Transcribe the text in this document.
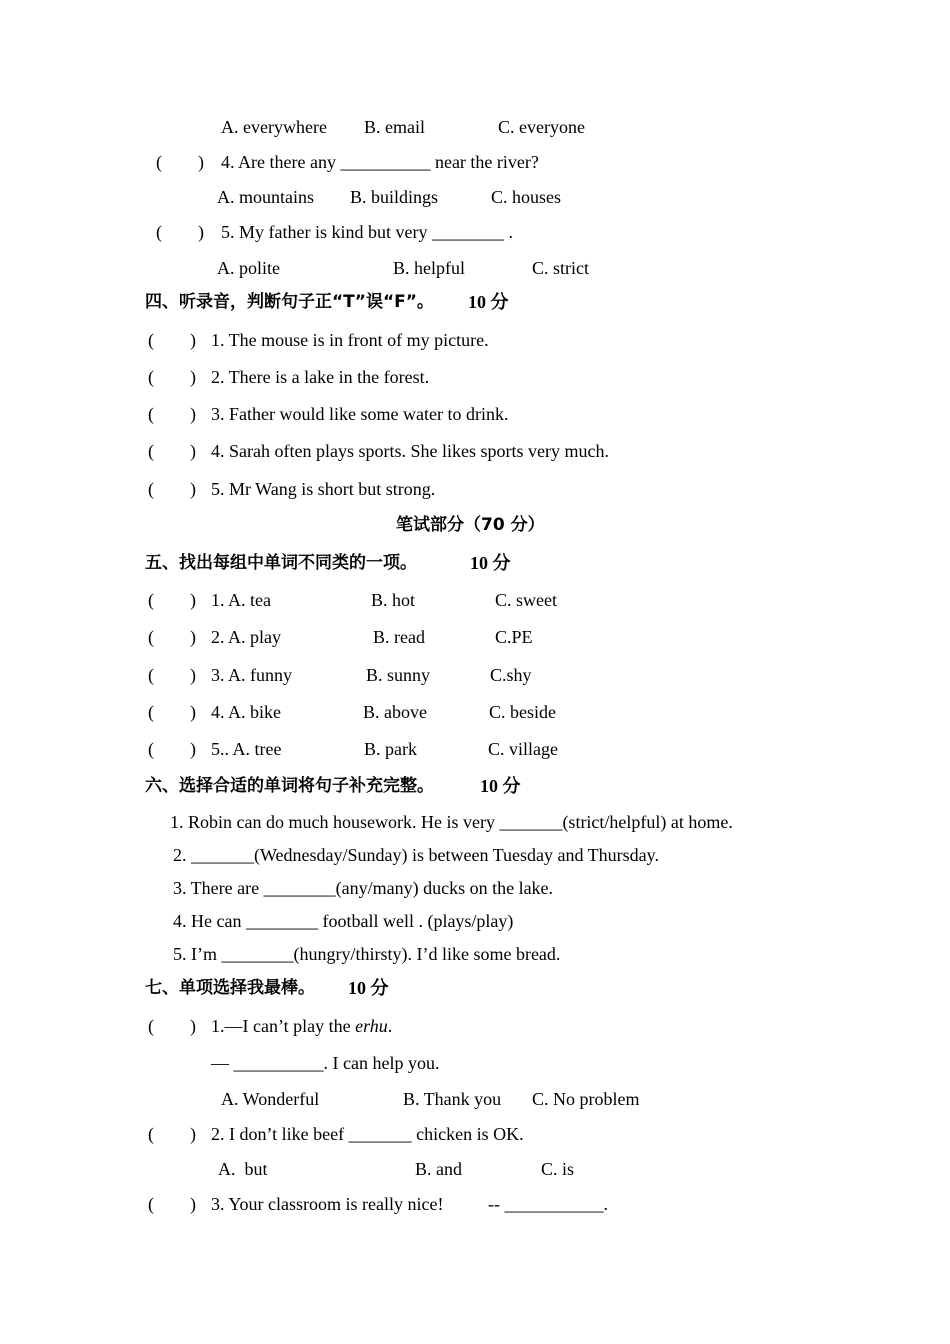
A. everywhere B. email	C. everyone
(　　) 4. Are there any __________ near the river?
A. mountains B. buildings	C. houses
(　　) 5. My father is kind but very ________ .
A. polite	B. helpful	C. strict
四、听录音，判断句子正“T”误“F”。 10 分
(　　) 1. The mouse is in front of my picture.
(　　) 2. There is a lake in the forest.
(　　) 3. Father would like some water to drink.
(　　) 4. Sarah often plays sports. She likes sports very much.
(　　) 5. Mr Wang is short but strong.
笔试部分（70 分）
五、找出每组中单词不同类的一项。	10 分
(　　) 1. A. tea	B. hot	C. sweet
(　　) 2. A. play	B. read	C.PE
(　　) 3. A. funny	B. sunny	C.shy
(　　) 4. A. bike	B. above	C. beside
(　　) 5.. A. tree	B. park	C. village
六、选择合适的单词将句子补充完整。	10 分
1. Robin can do much housework. He is very _______(strict/helpful) at home.
2. _______(Wednesday/Sunday) is between Tuesday and Thursday.
3. There are ________(any/many) ducks on the lake.
4. He can ________ football well . (plays/play)
5. I’m ________(hungry/thirsty). I’d like some bread.
七、单项选择我最棒。 10 分
(　　) 1.—I can’t play the erhu.
— __________. I can help you.
A. Wonderful	B. Thank you C. No problem
(　　) 2. I don’t like beef _______ chicken is OK.
A.  but	B. and	C. is
(　　) 3. Your classroom is really nice! -- ___________.
